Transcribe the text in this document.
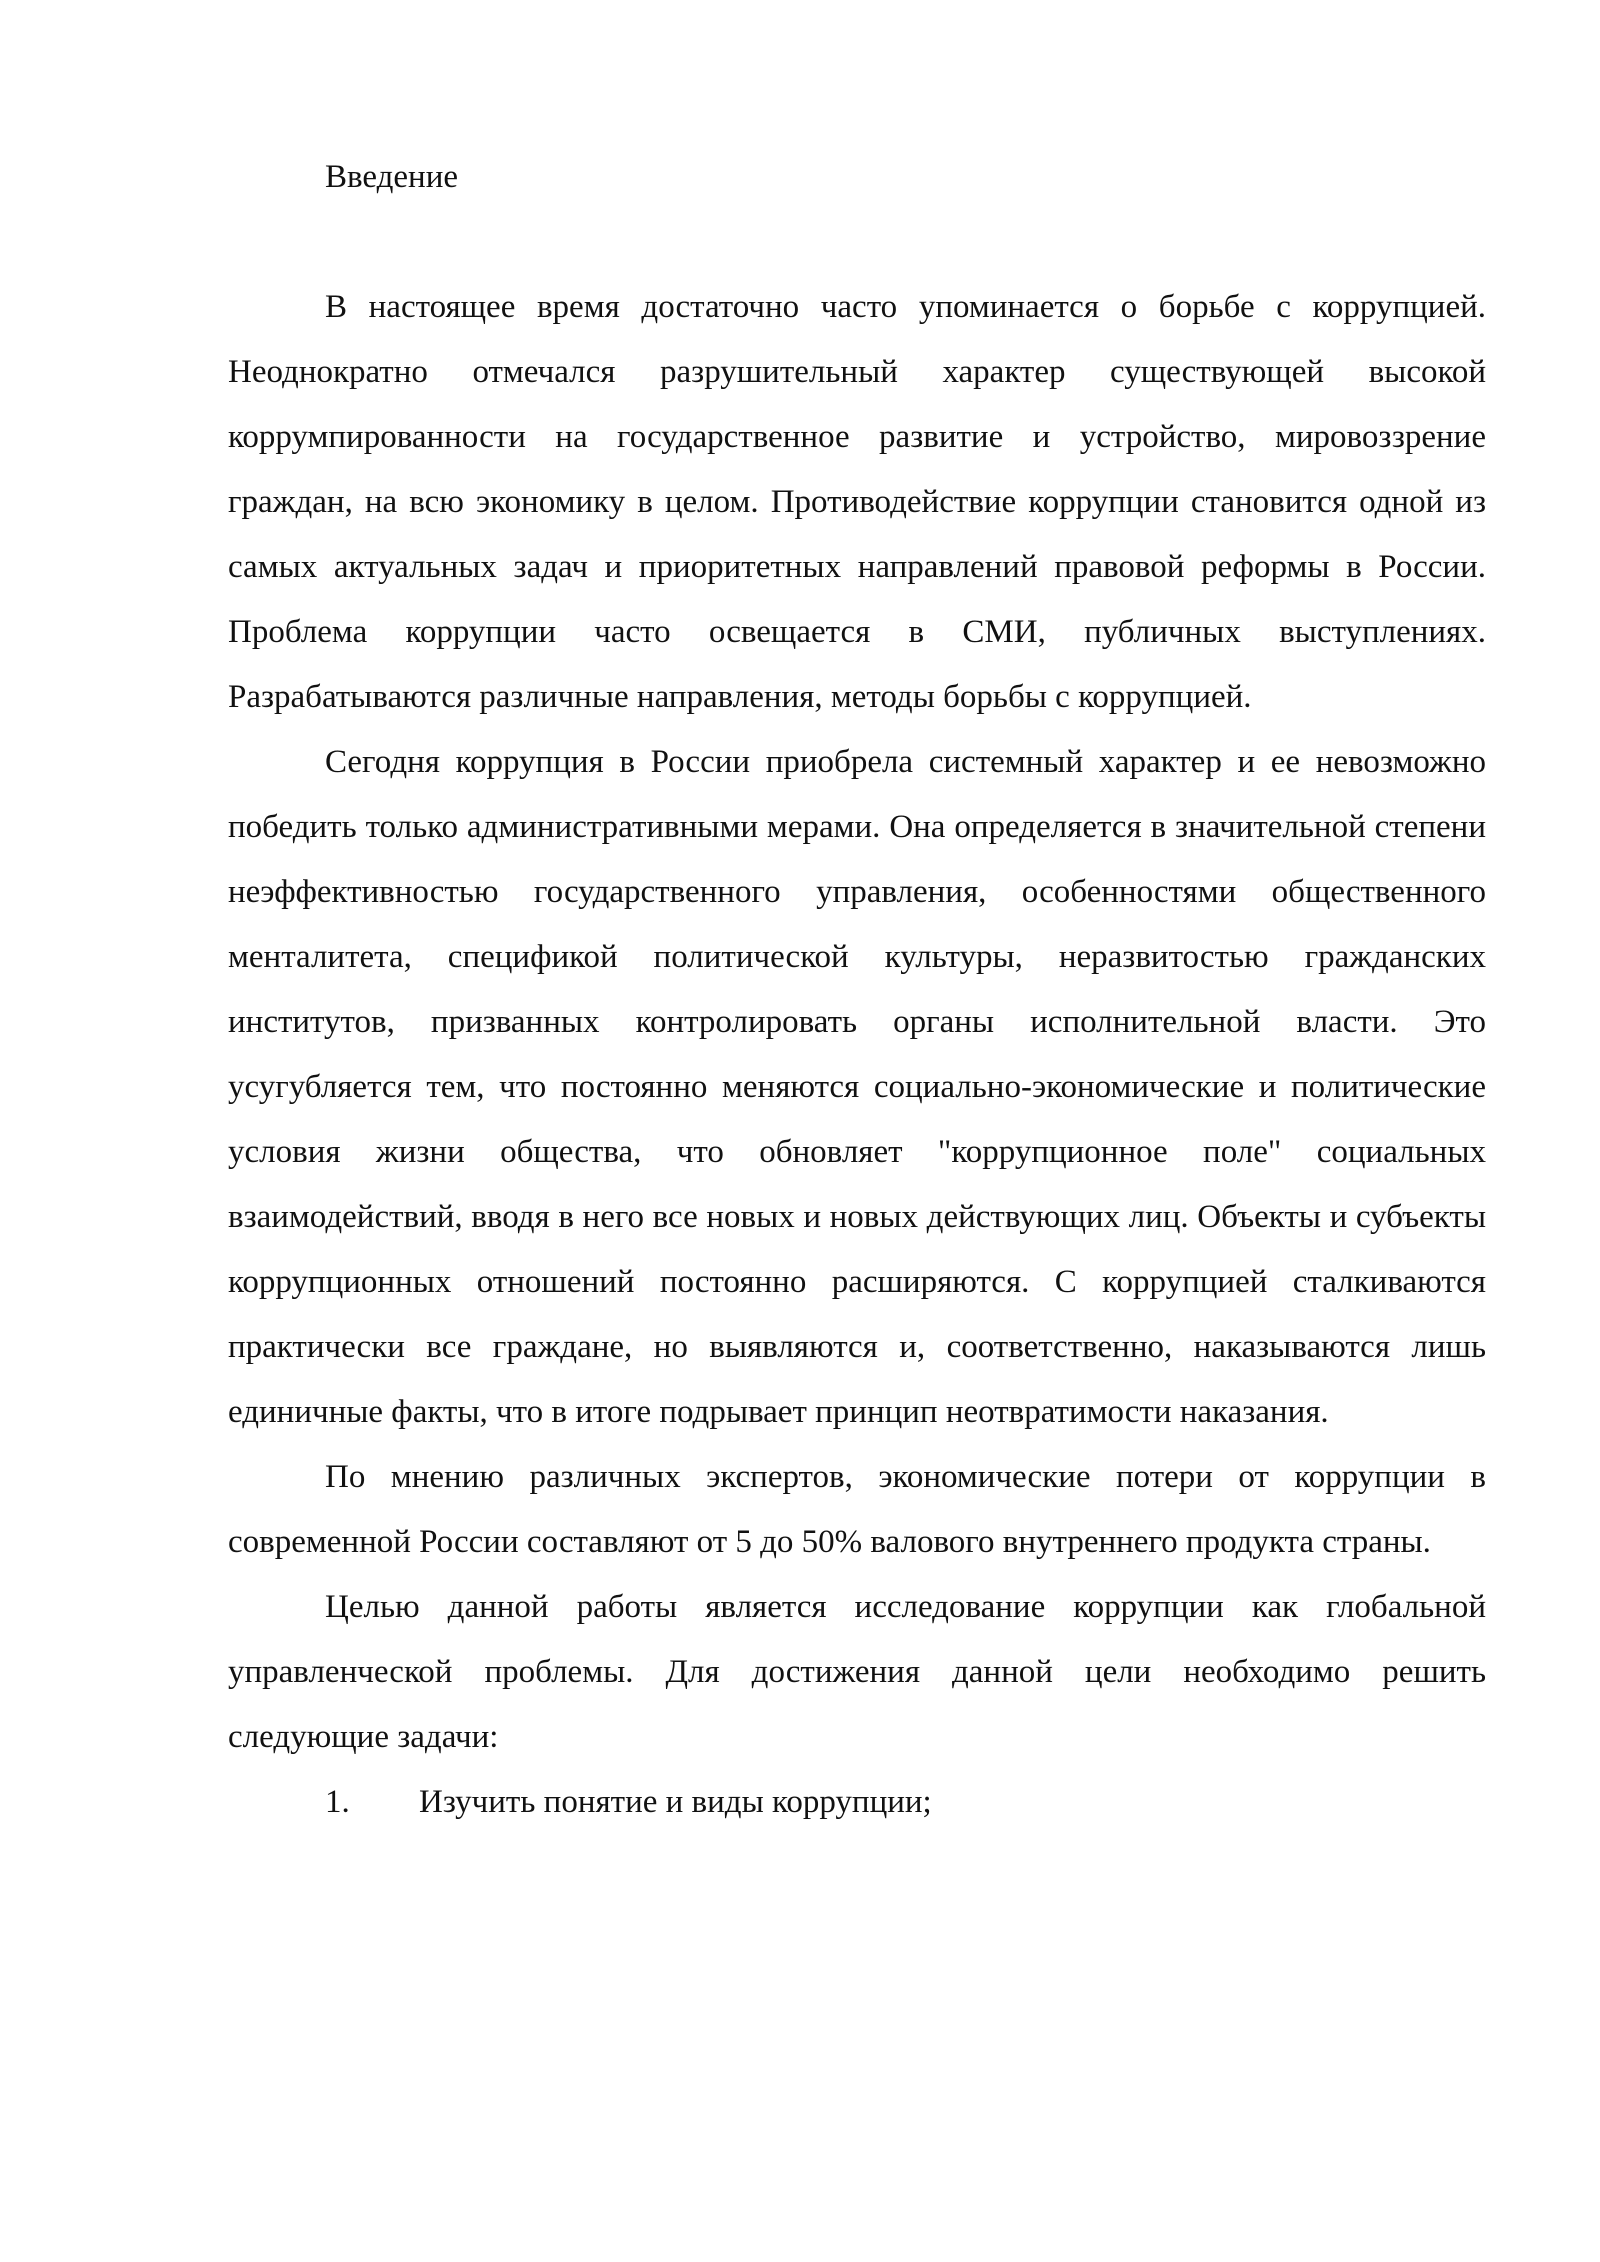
Введение

В настоящее время достаточно часто упоминается о борьбе с коррупцией. Неоднократно отмечался разрушительный характер существующей высокой коррумпированности на государственное развитие и устройство, мировоззрение граждан, на всю экономику в целом. Противодействие коррупции становится одной из самых актуальных задач и приоритетных направлений правовой реформы в России. Проблема коррупции часто освещается в СМИ, публичных выступлениях. Разрабатываются различные направления, методы борьбы с коррупцией.

Сегодня коррупция в России приобрела системный характер и ее невозможно победить только административными мерами. Она определяется в значительной степени неэффективностью государственного управления, особенностями общественного менталитета, спецификой политической культуры, неразвитостью гражданских институтов, призванных контролировать органы исполнительной власти. Это усугубляется тем, что постоянно меняются социально-экономические и политические условия жизни общества, что обновляет "коррупционное поле" социальных взаимодействий, вводя в него все новых и новых действующих лиц. Объекты и субъекты коррупционных отношений постоянно расширяются. С коррупцией сталкиваются практически все граждане, но выявляются и, соответственно, наказываются лишь единичные факты, что в итоге подрывает принцип неотвратимости наказания.

По мнению различных экспертов, экономические потери от коррупции в современной России составляют от 5 до 50% валового внутреннего продукта страны.

Целью данной работы является исследование коррупции как глобальной управленческой проблемы. Для достижения данной цели необходимо решить следующие задачи:

1. Изучить понятие и виды коррупции;
